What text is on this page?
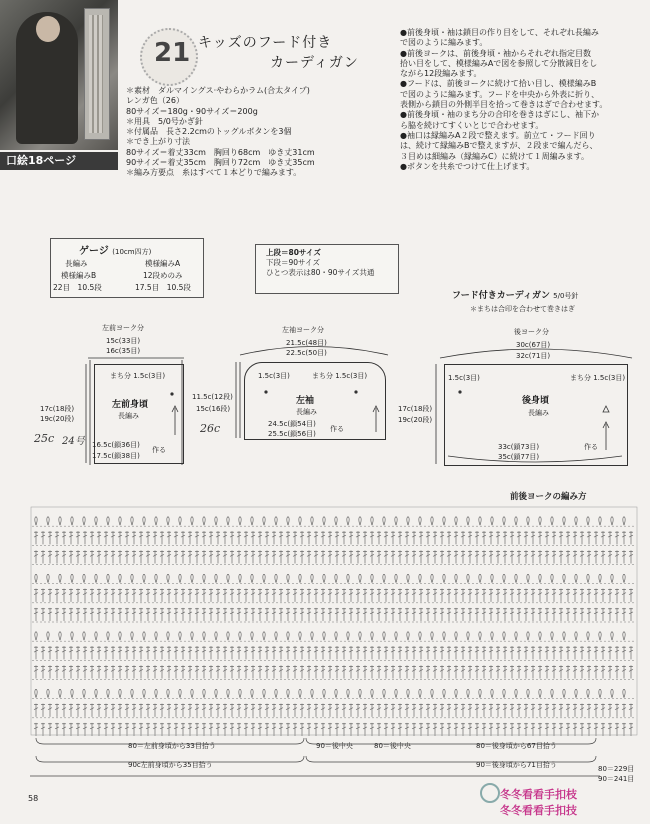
口絵18ページ
21 キッズのフード付き
カーディガン
＊素材　ダルマイングス·やわらかラム(合太タイプ)
レンガ色（26）
80サイズ＝180g・90サイズ＝200g
＊用具　5/0号かぎ針
＊付属品　長さ2.2cmのトッグルボタンを3個
＊でき上がり寸法
80サイズ＝着丈33cm　胸回り68cm　ゆき丈31cm
90サイズ＝着丈35cm　胸回り72cm　ゆき丈35cm
＊編み方要点　糸はすべて１本どりで編みます。
●前後身頃・袖は鎖目の作り目をして、それぞれ長編み
で図のように編みます。
●前後ヨークは、前後身頃・袖からそれぞれ指定目数
拾い目をして、模様編みAで図を参照して分散減目をし
ながら12段編みます。
●フードは、前後ヨークに続けて拾い目し、模様編みB
で図のように編みます。フードを中央から外表に折り、
表側から鎖目の外側半目を拾って巻きはぎで合わせます。
●前後身頃・袖のまち分の合印を巻きはぎにし、袖下か
ら脇を続けてすくいとじで合わせます。
●袖口は縁編みA２段で整えます。前立て・フード回り
は、続けて縁編みBで整えますが、２段まで編んだら、
３目めは細編み（縁編みC）に続けて１周編みます。
●ボタンを共糸でつけて仕上げます。
ゲージ (10cm四方)
長編み	模様編みA
模様編みB	12段めのみ
22目　10.5段	17.5目　10.5段
上段＝80サイズ
下段＝90サイズ
ひとつ表示は80・90サイズ共通
フード付きカーディガン 5/0号針
＊まちは合印を合わせて巻きはぎ
左前ヨーク分
15c(33目)
16c(35目)
まち分 1.5c(3目)
左前身頃
長編み
17c(18段)
19c(20段)
25c 24号 16.5c(鎖36目)
17.5c(鎖38目)
作る
左袖ヨーク分
21.5c(48目)
22.5c(50目)
1.5c(3目)	まち分 1.5c(3目)
左袖
長編み
11.5c(12段)
15c(16段)
26c	24.5c(鎖54目)
25.5c(鎖56目)
作る
後ヨーク分
30c(67目)
32c(71目)
1.5c(3目)	まち分 1.5c(3目)
後身頃
長編み
17c(18段)
19c(20段)
33c(鎖73目)
35c(鎖77目)
作る
前後ヨークの編み方
80＝左前身頃から33目拾う	90＝後中央	80＝後中央	80＝後身頃から67目拾う
90c左前身頃から35目拾う	90＝後身頃から71目拾う	80＝229目
90＝241目
58	冬冬看看手扣枝
冬冬看看手扣技
